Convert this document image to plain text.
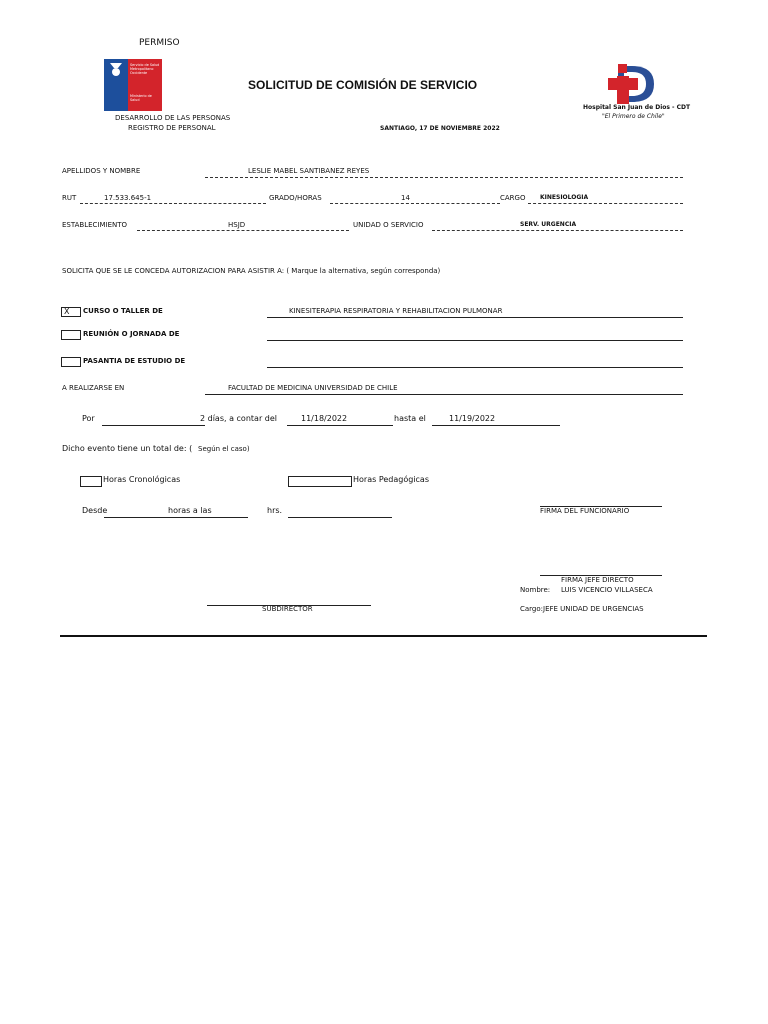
PERMISO
Servicio de Salud
Metropolitano
Occidente
Ministerio de
Salud
SOLICITUD DE COMISIÓN DE SERVICIO
DESARROLLO DE LAS PERSONAS
REGISTRO DE PERSONAL	SANTIAGO, 17 DE NOVIEMBRE 2022
Hospital San Juan de Dios - CDT
"El Primero de Chile"
APELLIDOS Y NOMBRE	LESLIE MABEL SANTIBANEZ REYES
RUT	17.533.645-1	GRADO/HORAS	14	CARGO KINESIOLOGIA
ESTABLECIMIENTO	HSJD	UNIDAD O SERVICIO	SERV. URGENCIA
SOLICITA QUE SE LE CONCEDA AUTORIZACION PARA ASISTIR A: ( Marque la alternativa, según corresponda)
X CURSO O TALLER DE	KINESITERAPIA RESPIRATORIA Y REHABILITACION PULMONAR
REUNIÓN O JORNADA DE
PASANTIA DE ESTUDIO DE
A REALIZARSE EN	FACULTAD DE MEDICINA UNIVERSIDAD DE CHILE
Por	2 días, a contar del	11/18/2022	hasta el	11/19/2022
Dicho evento tiene un total de: ( Según el caso)
Horas Cronológicas	Horas Pedagógicas
Desde	horas a las	hrs.	FIRMA DEL FUNCIONARIO
FIRMA JEFE DIRECTO
Nombre: LUIS VICENCIO VILLASECA
SUBDIRECTOR	Cargo:JEFE UNIDAD DE URGENCIAS
